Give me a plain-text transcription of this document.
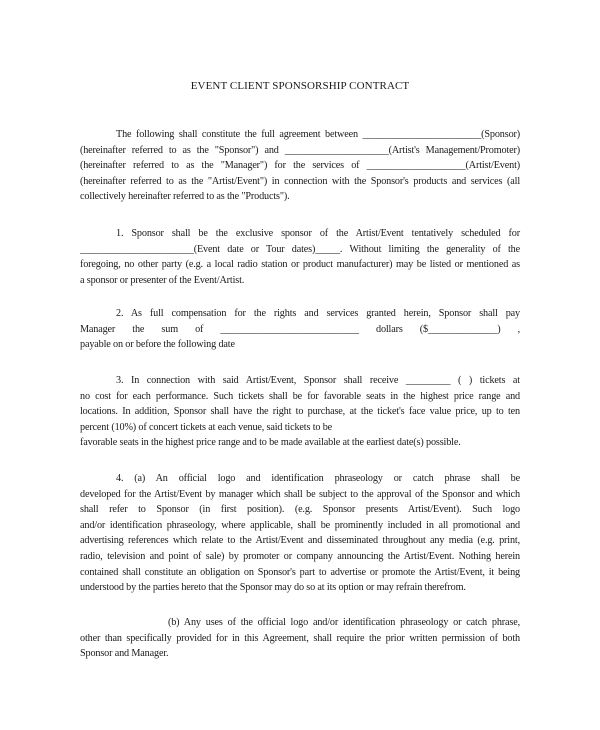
EVENT CLIENT SPONSORSHIP CONTRACT

The following shall constitute the full agreement between ________________________(Sponsor)
(hereinafter referred to as the "Sponsor") and _____________________(Artist's Management/Promoter)
(hereinafter referred to as the "Manager") for the services of ____________________(Artist/Event)
(hereinafter referred to as the "Artist/Event") in connection with the Sponsor's products and services (all
collectively hereinafter referred to as the "Products").

1. Sponsor shall be the exclusive sponsor of the Artist/Event tentatively scheduled for
_______________________(Event date or Tour dates)_____. Without limiting the generality of the
foregoing, no other party (e.g. a local radio station or product manufacturer) may be listed or mentioned as
a sponsor or presenter of the Event/Artist.

2. As full compensation for the rights and services granted herein, Sponsor shall pay
Manager the sum of ____________________________ dollars ($______________) ,
payable on or before the following date

3. In connection with said Artist/Event, Sponsor shall receive _________ ( ) tickets at
no cost for each performance. Such tickets shall be for favorable seats in the highest price range and
locations. In addition, Sponsor shall have the right to purchase, at the ticket's face value price, up to ten
percent (10%) of concert tickets at each venue, said tickets to be
favorable seats in the highest price range and to be made available at the earliest date(s) possible.

4. (a) An official logo and identification phraseology or catch phrase shall be
developed for the Artist/Event by manager which shall be subject to the approval of the Sponsor and which
shall refer to Sponsor (in first position). (e.g. Sponsor presents Artist/Event). Such logo
and/or identification phraseology, where applicable, shall be prominently included in all promotional and
advertising references which relate to the Artist/Event and disseminated throughout any media (e.g. print,
radio, television and point of sale) by promoter or company announcing the Artist/Event. Nothing herein
contained shall constitute an obligation on Sponsor's part to advertise or promote the Artist/Event, it being
understood by the parties hereto that the Sponsor may do so at its option or may refrain therefrom.

(b) Any uses of the official logo and/or identification phraseology or catch phrase,
other than specifically provided for in this Agreement, shall require the prior written permission of both
Sponsor and Manager.
